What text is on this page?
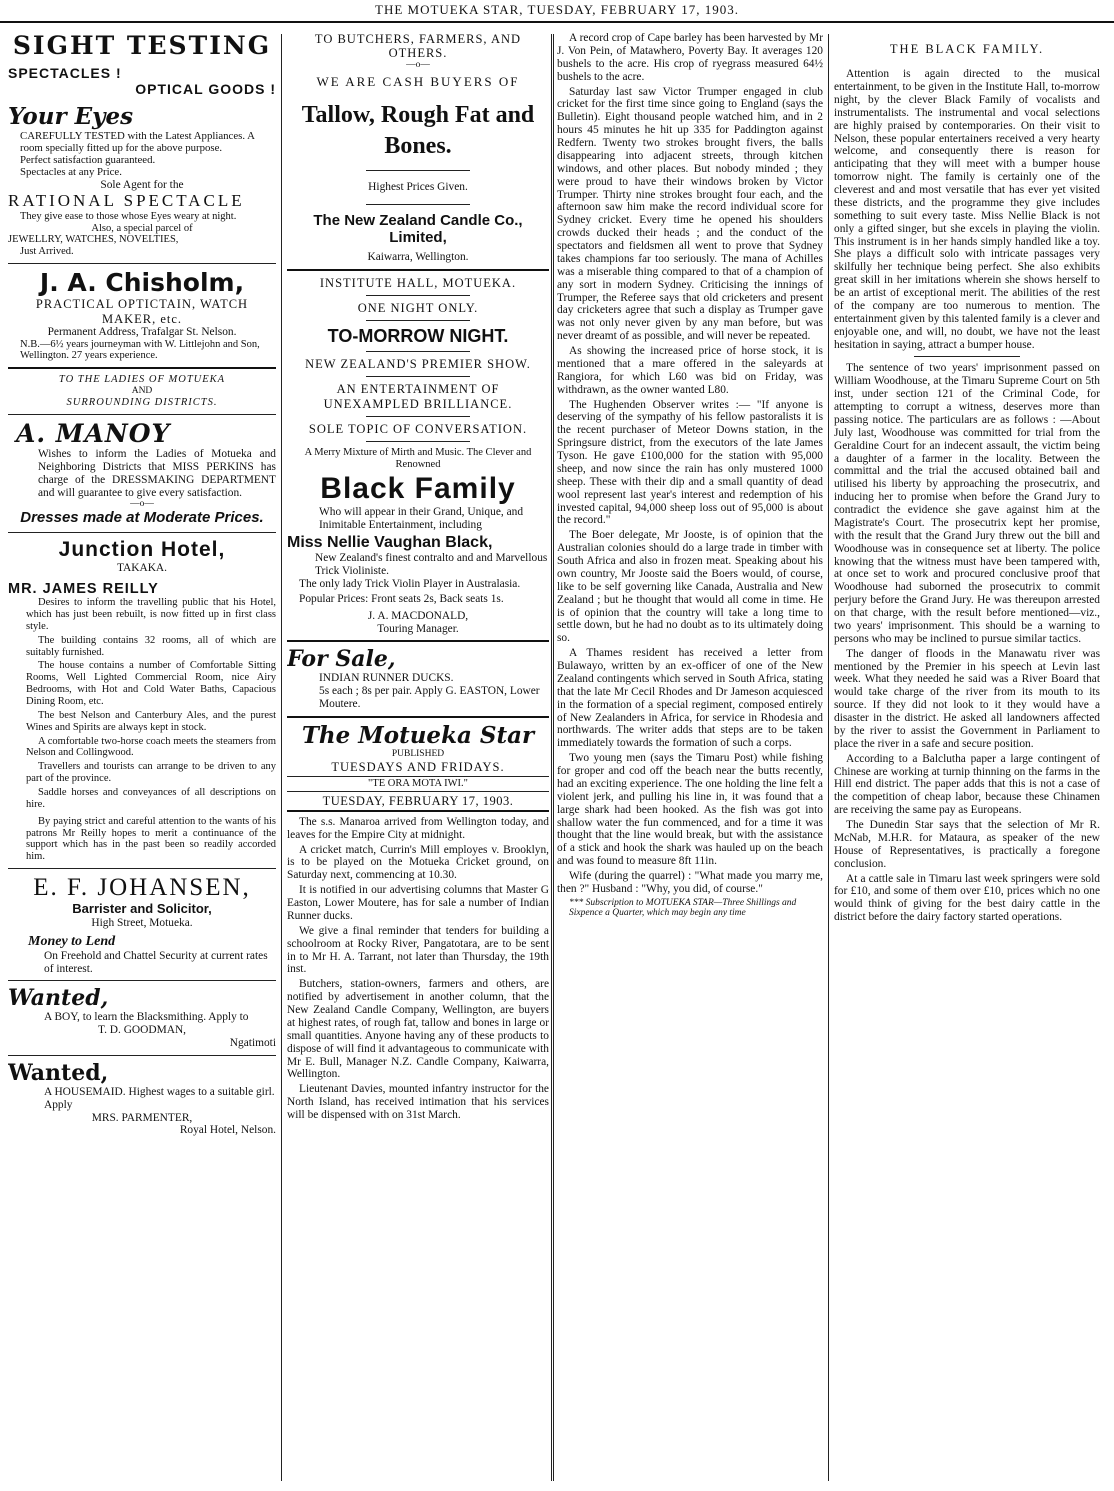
THE MOTUEKA STAR, TUESDAY, FEBRUARY 17, 1903.
SIGHT TESTING
SPECTACLES !
OPTICAL GOODS !
Your Eyes

CAREFULLY TESTED with the Latest Appliances. A room specially fitted up for the above purpose.

Perfect satisfaction guaranteed.

Spectacles at any Price.

Sole Agent for the
RATIONAL SPECTACLE
They give ease to those whose Eyes weary at night.
Also, a special parcel of
JEWELLRY, WATCHES, NOVELTIES,
Just Arrived.
J. A. Chisholm,
PRACTICAL OPTICTAIN, WATCH MAKER, etc.
Permanent Address, Trafalgar St. Nelson.
N.B.—6½ years journeyman with W. Littlejohn and Son, Wellington. 27 years experience.
TO THE LADIES OF MOTUEKA
AND
SURROUNDING DISTRICTS.
A. MANOY
Wishes to inform the Ladies of Motueka and Neighboring Districts that MISS PERKINS has charge of the DRESSMAKING DEPARTMENT and will guarantee to give every satisfaction.
—o—
Dresses made at Moderate Prices.
Junction Hotel,
TAKAKA.
MR. JAMES REILLY

Desires to inform the travelling public that his Hotel, which has just been rebuilt, is now fitted up in first class style.

The building contains 32 rooms, all of which are suitably furnished.

The house contains a number of Comfortable Sitting Rooms, Well Lighted Commercial Room, nice Airy Bedrooms, with Hot and Cold Water Baths, Capacious Dining Room, etc.

The best Nelson and Canterbury Ales, and the purest Wines and Spirits are always kept in stock.

A comfortable two-horse coach meets the steamers from Nelson and Collingwood.

Travellers and tourists can arrange to be driven to any part of the province.

Saddle horses and conveyances of all descriptions on hire.

By paying strict and careful attention to the wants of his patrons Mr Reilly hopes to merit a continuance of the support which has in the past been so readily accorded him.

E. F. JOHANSEN,
Barrister and Solicitor,
High Street, Motueka.
Money to Lend
On Freehold and Chattel Security at current rates of interest.
Wanted,
A BOY, to learn the Blacksmithing. Apply to
T. D. GOODMAN,
Ngatimoti
Wanted,
A HOUSEMAID. Highest wages to a suitable girl. Apply
MRS. PARMENTER,
Royal Hotel, Nelson.
TO BUTCHERS, FARMERS, AND OTHERS.
—o—
WE ARE CASH BUYERS OF
Tallow, Rough Fat and Bones.
Highest Prices Given.
The New Zealand Candle Co., Limited,
Kaiwarra, Wellington.
INSTITUTE HALL, MOTUEKA.
ONE NIGHT ONLY.
TO-MORROW NIGHT.
NEW ZEALAND'S PREMIER SHOW.
AN ENTERTAINMENT OF UNEXAMPLED BRILLIANCE.
SOLE TOPIC OF CONVERSATION.
A Merry Mixture of Mirth and Music. The Clever and Renowned
Black Family
Who will appear in their Grand, Unique, and Inimitable Entertainment, including
Miss Nellie Vaughan Black,
New Zealand's finest contralto and and Marvellous Trick Violiniste.
The only lady Trick Violin Player in Australasia.
Popular Prices: Front seats 2s, Back seats 1s.
J. A. MACDONALD,
Touring Manager.
For Sale,
INDIAN RUNNER DUCKS.
5s each ; 8s per pair. Apply G. EASTON, Lower Moutere.
The Motueka Star
PUBLISHED
TUESDAYS AND FRIDAYS.
"TE ORA MOTA IWI."
TUESDAY, FEBRUARY 17, 1903.

The s.s. Manaroa arrived from Wellington today, and leaves for the Empire City at midnight.

A cricket match, Currin's Mill employes v. Brooklyn, is to be played on the Motueka Cricket ground, on Saturday next, commencing at 10.30.

It is notified in our advertising columns that Master G Easton, Lower Moutere, has for sale a number of Indian Runner ducks.

We give a final reminder that tenders for building a schoolroom at Rocky River, Pangatotara, are to be sent in to Mr H. A. Tarrant, not later than Thursday, the 19th inst.

Butchers, station-owners, farmers and others, are notified by advertisement in another column, that the New Zealand Candle Company, Wellington, are buyers at highest rates, of rough fat, tallow and bones in large or small quantities. Anyone having any of these products to dispose of will find it advantageous to communicate with Mr E. Bull, Manager N.Z. Candle Company, Kaiwarra, Wellington.

Lieutenant Davies, mounted infantry instructor for the North Island, has received intimation that his services will be dispensed with on 31st March.

A record crop of Cape barley has been harvested by Mr J. Von Pein, of Matawhero, Poverty Bay. It averages 120 bushels to the acre. His crop of ryegrass measured 64½ bushels to the acre.

Saturday last saw Victor Trumper engaged in club cricket for the first time since going to England (says the Bulletin). Eight thousand people watched him, and in 2 hours 45 minutes he hit up 335 for Paddington against Redfern. Twenty two strokes brought fivers, the balls disappearing into adjacent streets, through kitchen windows, and other places. But nobody minded ; they were proud to have their windows broken by Victor Trumper. Thirty nine strokes brought four each, and the afternoon saw him make the record individual score for Sydney cricket. Every time he opened his shoulders crowds ducked their heads ; and the conduct of the spectators and fieldsmen all went to prove that Sydney takes champions far too seriously. The mana of Achilles was a miserable thing compared to that of a champion of any sort in modern Sydney. Criticising the innings of Trumper, the Referee says that old cricketers and present day cricketers agree that such a display as Trumper gave was not only never given by any man before, but was never dreamt of as possible, and will never be repeated.

As showing the increased price of horse stock, it is mentioned that a mare offered in the saleyards at Rangiora, for which L60 was bid on Friday, was withdrawn, as the owner wanted L80.

The Hughenden Observer writes :— "If anyone is deserving of the sympathy of his fellow pastoralists it is the recent purchaser of Meteor Downs station, in the Springsure district, from the executors of the late James Tyson. He gave £100,000 for the station with 95,000 sheep, and now since the rain has only mustered 1000 sheep. These with their dip and a small quantity of dead wool represent last year's interest and redemption of his invested capital, 94,000 sheep loss out of 95,000 is about the record."

The Boer delegate, Mr Jooste, is of opinion that the Australian colonies should do a large trade in timber with South Africa and also in frozen meat. Speaking about his own country, Mr Jooste said the Boers would, of course, like to be self governing like Canada, Australia and New Zealand ; but he thought that would all come in time. He is of opinion that the country will take a long time to settle down, but he had no doubt as to its ultimately doing so.

A Thames resident has received a letter from Bulawayo, written by an ex-officer of one of the New Zealand contingents which served in South Africa, stating that the late Mr Cecil Rhodes and Dr Jameson acquiesced in the formation of a special regiment, composed entirely of New Zealanders in Africa, for service in Rhodesia and northwards. The writer adds that steps are to be taken immediately towards the formation of such a corps.

Two young men (says the Timaru Post) while fishing for groper and cod off the beach near the butts recently, had an exciting experience. The one holding the line felt a violent jerk, and pulling his line in, it was found that a large shark had been hooked. As the fish was got into shallow water the fun commenced, and for a time it was thought that the line would break, but with the assistance of a stick and hook the shark was hauled up on the beach and was found to measure 8ft 11in.

Wife (during the quarrel) : "What made you marry me, then ?" Husband : "Why, you did, of course."

*** Subscription to MOTUEKA STAR—Three Shillings and Sixpence a Quarter, which may begin any time

THE BLACK FAMILY.

Attention is again directed to the musical entertainment, to be given in the Institute Hall, to-morrow night, by the clever Black Family of vocalists and instrumentalists. The instrumental and vocal selections are highly praised by contemporaries. On their visit to Nelson, these popular entertainers received a very hearty welcome, and consequently there is reason for anticipating that they will meet with a bumper house tomorrow night. The family is certainly one of the cleverest and and most versatile that has ever yet visited these districts, and the programme they give includes something to suit every taste. Miss Nellie Black is not only a gifted singer, but she excels in playing the violin. This instrument is in her hands simply handled like a toy. She plays a difficult solo with intricate passages very skilfully her technique being perfect. She also exhibits great skill in her imitations wherein she shows herself to be an artist of exceptional merit. The abilities of the rest of the company are too numerous to mention. The entertainment given by this talented family is a clever and enjoyable one, and will, no doubt, we have not the least hesitation in saying, attract a bumper house.

The sentence of two years' imprisonment passed on William Woodhouse, at the Timaru Supreme Court on 5th inst, under section 121 of the Criminal Code, for attempting to corrupt a witness, deserves more than passing notice. The particulars are as follows : —About July last, Woodhouse was committed for trial from the Geraldine Court for an indecent assault, the victim being a daughter of a farmer in the locality. Between the committal and the trial the accused obtained bail and utilised his liberty by approaching the prosecutrix, and inducing her to promise when before the Grand Jury to contradict the evidence she gave against him at the Magistrate's Court. The prosecutrix kept her promise, with the result that the Grand Jury threw out the bill and Woodhouse was in consequence set at liberty. The police knowing that the witness must have been tampered with, at once set to work and procured conclusive proof that Woodhouse had suborned the prosecutrix to commit perjury before the Grand Jury. He was thereupon arrested on that charge, with the result before mentioned—viz., two years' imprisonment. This should be a warning to persons who may be inclined to pursue similar tactics.

The danger of floods in the Manawatu river was mentioned by the Premier in his speech at Levin last week. What they needed he said was a River Board that would take charge of the river from its mouth to its source. If they did not look to it they would have a disaster in the district. He asked all landowners affected by the river to assist the Government in Parliament to place the river in a safe and secure position.

According to a Balclutha paper a large contingent of Chinese are working at turnip thinning on the farms in the Hill end district. The paper adds that this is not a case of the competition of cheap labor, because these Chinamen are receiving the same pay as Europeans.

The Dunedin Star says that the selection of Mr R. McNab, M.H.R. for Mataura, as speaker of the new House of Representatives, is practically a foregone conclusion.

At a cattle sale in Timaru last week springers were sold for £10, and some of them over £10, prices which no one would think of giving for the best dairy cattle in the district before the dairy factory started operations.
